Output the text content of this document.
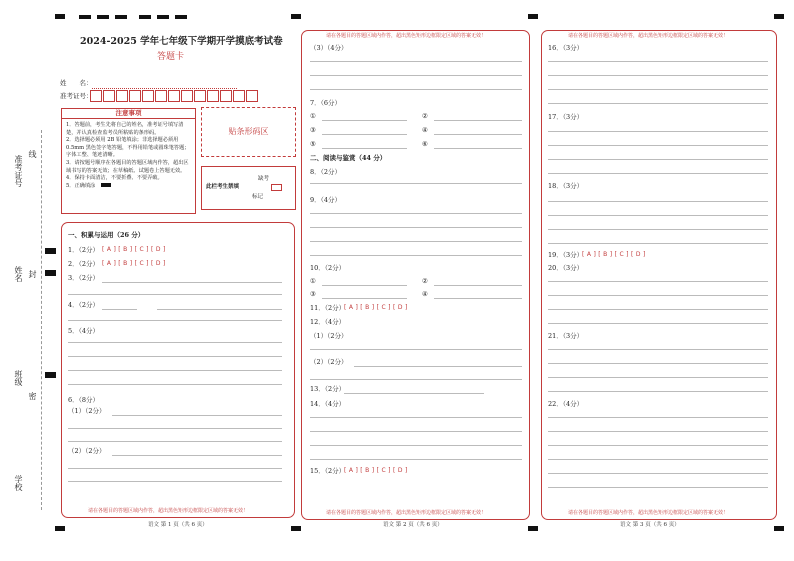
准考证号
线
姓名 封
班级
密
学校
2024-2025 学年七年级下学期开学摸底考试卷
答题卡
姓　　名：
准考证号：
注意事项
1．答题前，考生先将自己的姓名，准考证号填写清楚，并认真检查监考员所粘贴的条形码。
2．选择题必须用 2B 铅笔填涂；非选择题必须用 0.5mm 黑色签字笔答题，不得用铅笔或圆珠笔答题；字体工整、笔迹清晰。
3．请按题号顺序在各题目的答题区域内作答，超出区域书写的答案无效；在草稿纸、试题卷上答题无效。
4．保持卡面清洁，不要折叠、不要弄破。
5．正确填涂
贴条形码区
此栏考生禁填
缺考
标记
一、积累与运用（26 分）
1．（2分） [ A ] [ B ] [ C ] [ D ]
2．（2分） [ A ] [ B ] [ C ] [ D ]
3．（2分）
4．（2分）
5．（4分）
6．（8分）
（1）（2分）
（2）（2分）
请在各题目的答题区域内作答，超出黑色矩形边框限定区域的答案无效！
语文 第 1 页（共 6 页）
请在各题目的答题区域内作答，超出黑色矩形边框限定区域的答案无效！
（3）（4分）
7．（6分）
①	②
③	④
⑤	⑥
二、阅读与鉴赏（44 分）
8．（2分）
9．（4分）
10．（2分）
①	②
③	④
11．（2分）
[ A ] [ B ] [ C ] [ D ]
12．（4分）
（1）（2分）
（2）（2分）
13．（2分）
14．（4分）
15．（2分）
[ A ] [ B ] [ C ] [ D ]
请在各题目的答题区域内作答，超出黑色矩形边框限定区域的答案无效！
语文 第 2 页（共 6 页）
请在各题目的答题区域内作答，超出黑色矩形边框限定区域的答案无效！
16．（3分）
17．（3分）
18．（3分）
19．（3分）
[ A ] [ B ] [ C ] [ D ]
20．（3分）
21．（3分）
22．（4分）
请在各题目的答题区域内作答，超出黑色矩形边框限定区域的答案无效！
语文 第 3 页（共 6 页）
